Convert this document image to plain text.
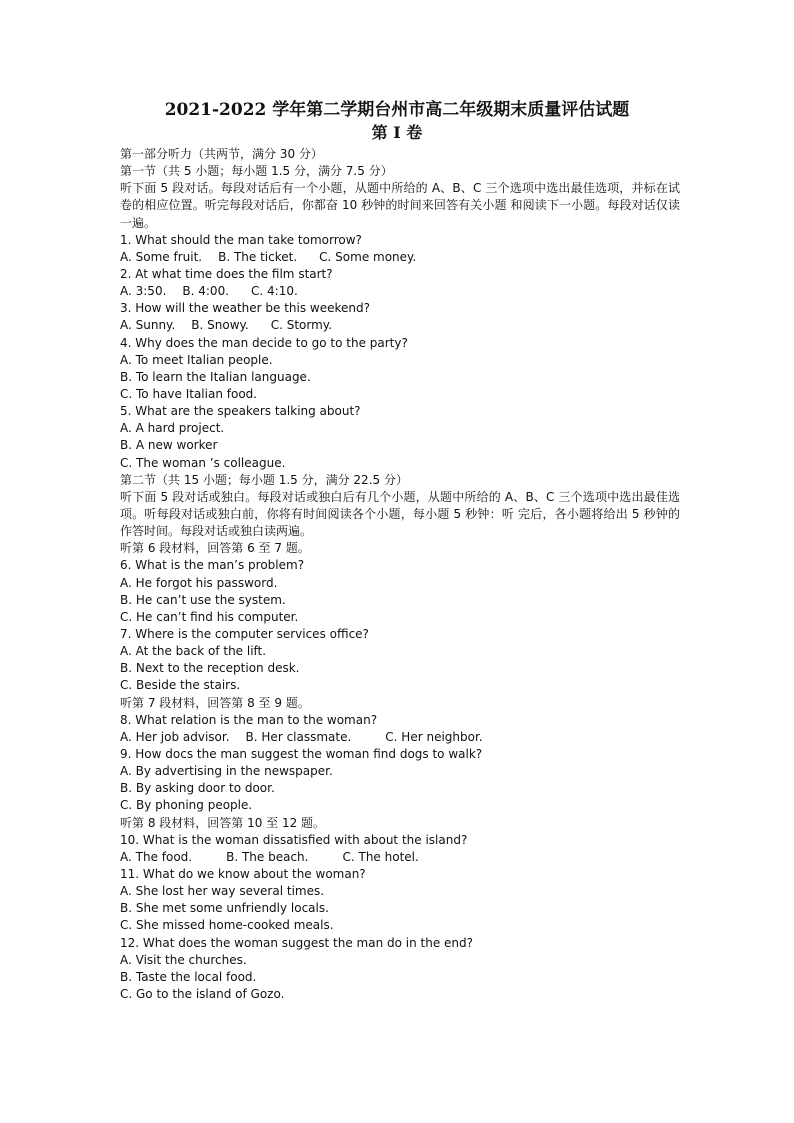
2021-2022 学年第二学期台州市高二年级期末质量评估试题
第 I 卷
第一部分听力（共两节，满分 30 分）
第一节（共 5 小题；每小题 1.5 分，满分 7.5 分）
听下面 5 段对话。每段对话后有一个小题，从题中所给的 A、B、C 三个选项中选出最佳选项，并标在试卷的相应位置。听完每段对话后，你都奋 10 秒钟的时间来回答有关小题 和阅读下一小题。每段对话仅读一遍。
1. What should the man take tomorrow?
A. Some fruit. B. The ticket. C. Some money.
2. At what time does the film start?
A. 3:50. B. 4:00. C. 4:10.
3. How will the weather be this weekend?
A. Sunny. B. Snowy. C. Stormy.
4. Why does the man decide to go to the party?
A. To meet Italian people.
B. To learn the Italian language.
C. To have Italian food.
5. What are the speakers talking about?
A. A hard project.
B. A new worker
C. The woman ’s colleague.
第二节（共 15 小题；每小题 1.5 分，满分 22.5 分）
听下面 5 段对话或独白。每段对话或独白后有几个小题，从题中所给的 A、B、C 三个选项中选出最佳选项。听每段对话或独白前，你将有时间阅读各个小题，每小题 5 秒钟：听 完后，各小题将给出 5 秒钟的作答时间。每段对话或独白读两遍。
听第 6 段材料，回答第 6 至 7 题。
6. What is the man’s problem?
A. He forgot his password.
B. He can’t use the system.
C. He can’t find his computer.
7. Where is the computer services office?
A. At the back of the lift.
B. Next to the reception desk.
C. Beside the stairs.
听第 7 段材料，回答第 8 至 9 题。
8. What relation is the man to the woman?
A. Her job advisor. B. Her classmate.	C. Her neighbor.
9. How docs the man suggest the woman find dogs to walk?
A. By advertising in the newspaper.
B. By asking door to door.
C. By phoning people.
听第 8 段材料，回答第 10 至 12 题。
10. What is the woman dissatisfied with about the island?
A. The food.	B. The beach.	C. The hotel.
11. What do we know about the woman?
A. She lost her way several times.
B. She met some unfriendly locals.
C. She missed home-cooked meals.
12. What does the woman suggest the man do in the end?
A. Visit the churches.
B. Taste the local food.
C. Go to the island of Gozo.
